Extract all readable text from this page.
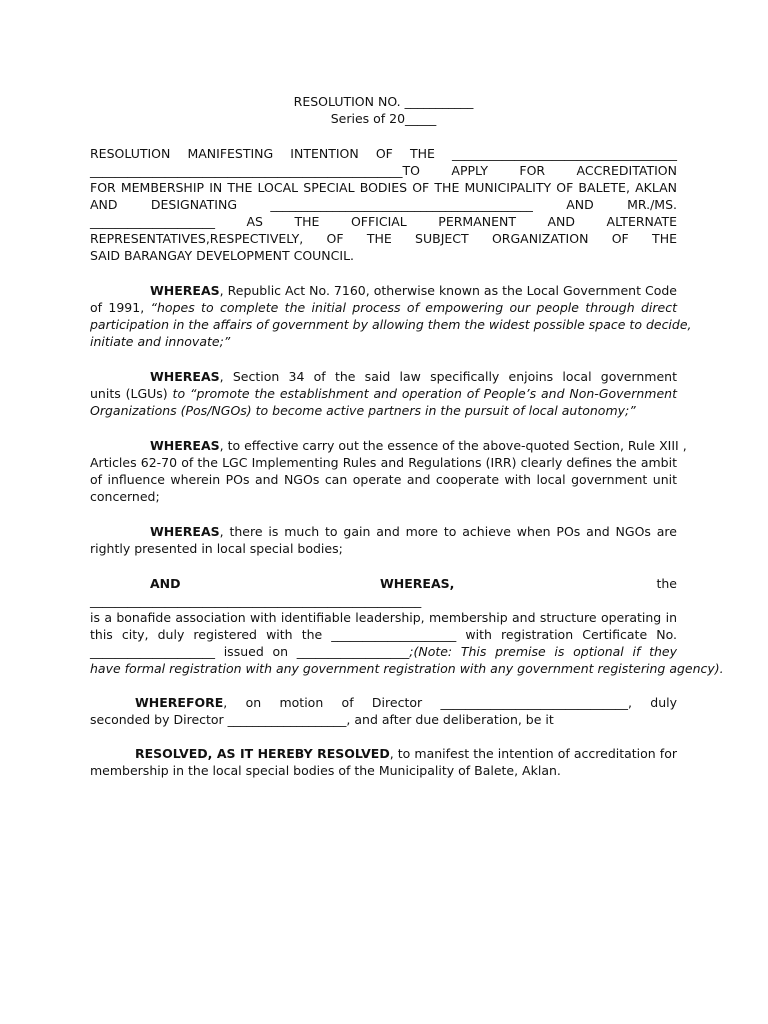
RESOLUTION NO. ___________
Series of 20_____
RESOLUTION MANIFESTING INTENTION OF THE ____________________________________
__________________________________________________TO APPLY FOR ACCREDITATION
FOR MEMBERSHIP IN THE LOCAL SPECIAL BODIES OF THE MUNICIPALITY OF BALETE, AKLAN
AND DESIGNATING __________________________________________ AND MR./MS.
____________________ AS THE OFFICIAL PERMANENT AND ALTERNATE
REPRESENTATIVES,RESPECTIVELY, OF THE SUBJECT ORGANIZATION OF THE
SAID BARANGAY DEVELOPMENT COUNCIL.
WHEREAS, Republic Act No. 7160, otherwise known as the Local Government Code
of 1991, “hopes to complete the initial process of empowering our people through direct
participation in the affairs of government by allowing them the widest possible space to decide,
initiate and innovate;”
WHEREAS, Section 34 of the said law specifically enjoins local government
units (LGUs) to “promote the establishment and operation of People’s and Non-Government
Organizations (Pos/NGOs) to become active partners in the pursuit of local autonomy;”
WHEREAS, to effective carry out the essence of the above-quoted Section, Rule XIII ,
Articles 62-70 of the LGC Implementing Rules and Regulations (IRR) clearly defines the ambit
of influence wherein POs and NGOs can operate and cooperate with local government unit
concerned;
WHEREAS, there is much to gain and more to achieve when POs and NGOs are
rightly presented in local special bodies;
AND	WHEREAS,	the
_____________________________________________________
is a bonafide association with identifiable leadership, membership and structure operating in
this city, duly registered with the ____________________ with registration Certificate No.
____________________ issued on __________________;(Note: This premise is optional if they
have formal registration with any government registration with any government registering agency).
WHEREFORE, on motion of Director ______________________________, duly
seconded by Director ___________________, and after due deliberation, be it
RESOLVED, AS IT HEREBY RESOLVED, to manifest the intention of accreditation for
membership in the local special bodies of the Municipality of Balete, Aklan.
